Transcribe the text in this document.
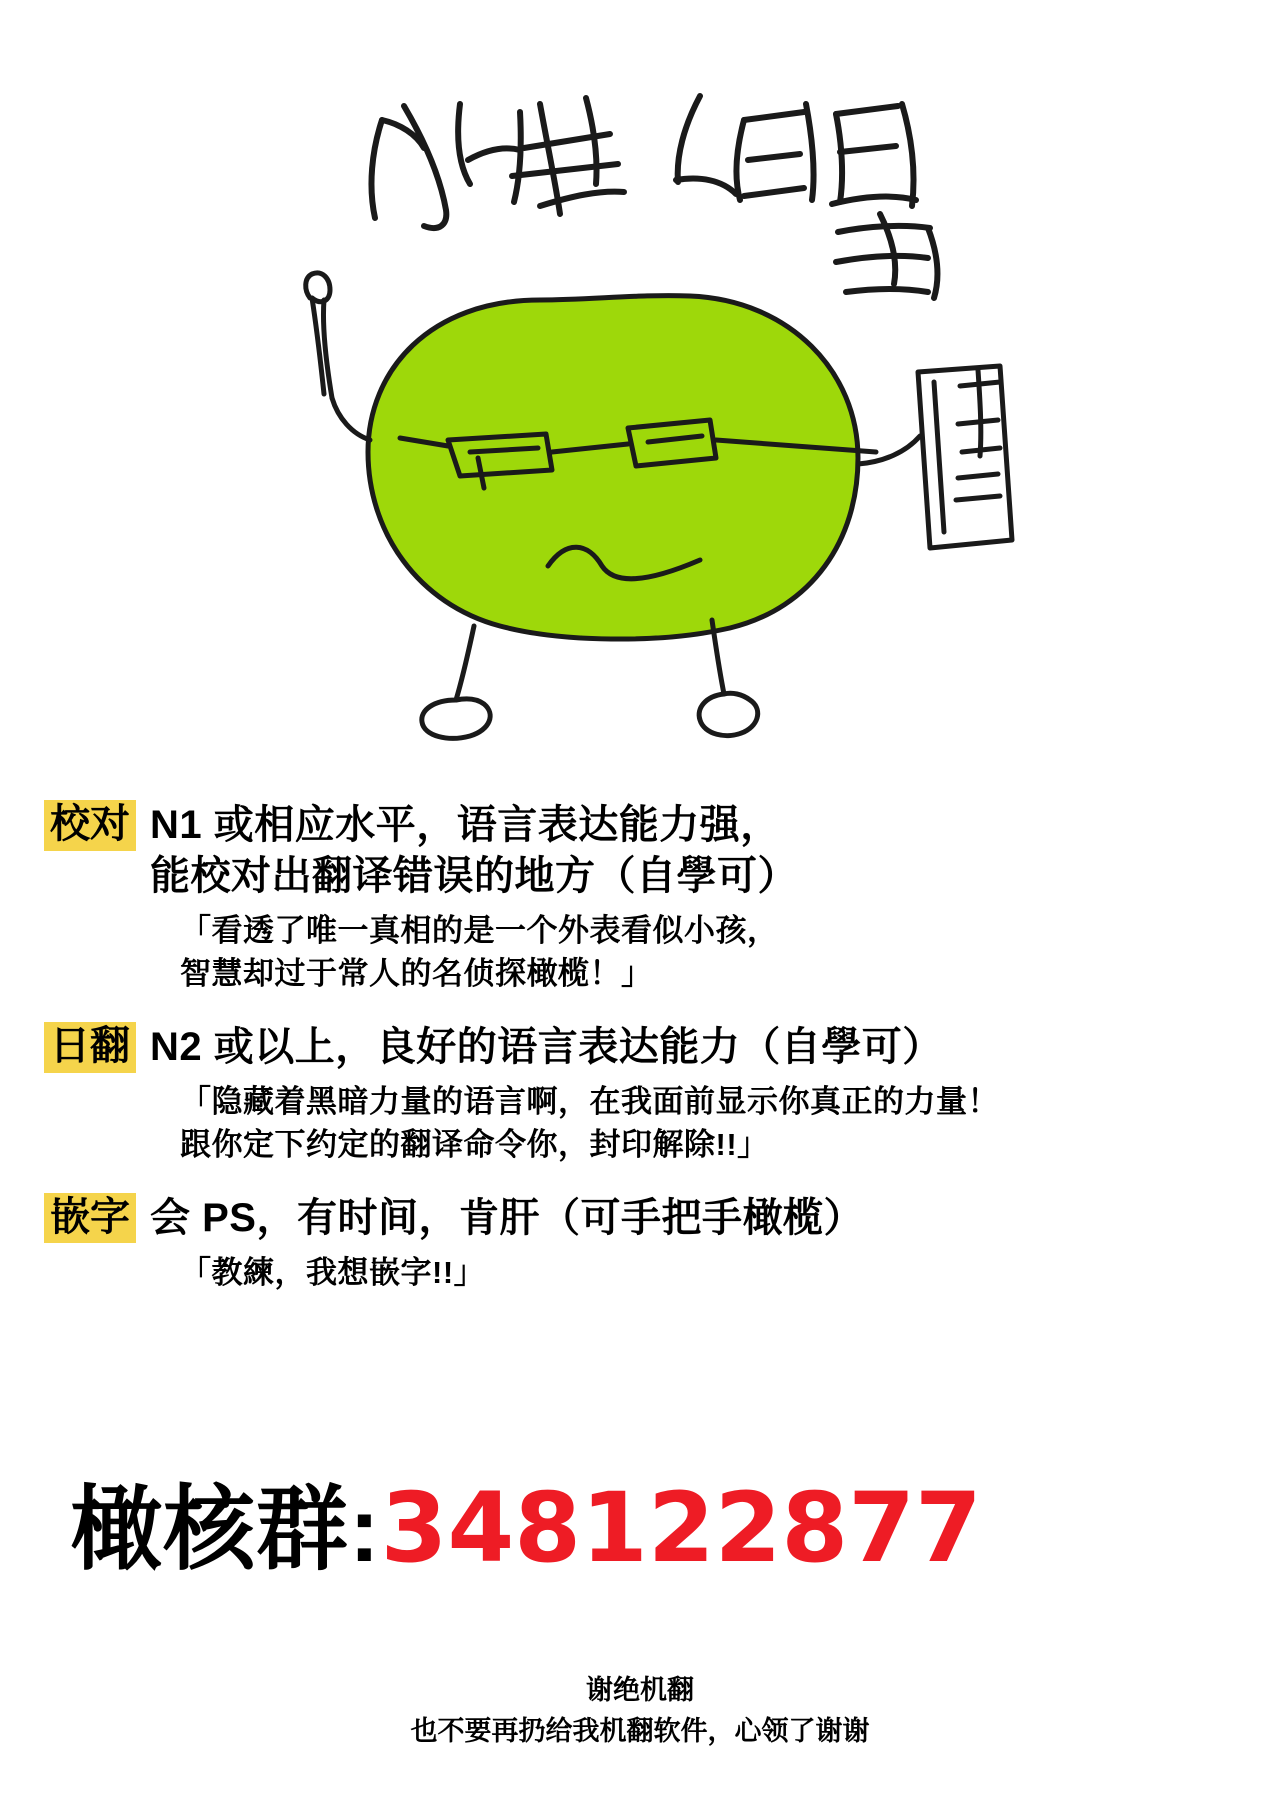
校对 N1 或相应水平，语言表达能力强，
能校对出翻译错误的地方（自學可）
「看透了唯一真相的是一个外表看似小孩，
智慧却过于常人的名侦探橄榄！」
日翻 N2 或以上，良好的语言表达能力（自學可）
「隐藏着黑暗力量的语言啊，在我面前显示你真正的力量！
跟你定下约定的翻译命令你，封印解除!!」
嵌字 会 PS，有时间，肯肝（可手把手橄榄）
「教練，我想嵌字!!」
橄核群: 348122877
谢绝机翻
也不要再扔给我机翻软件，心领了谢谢
